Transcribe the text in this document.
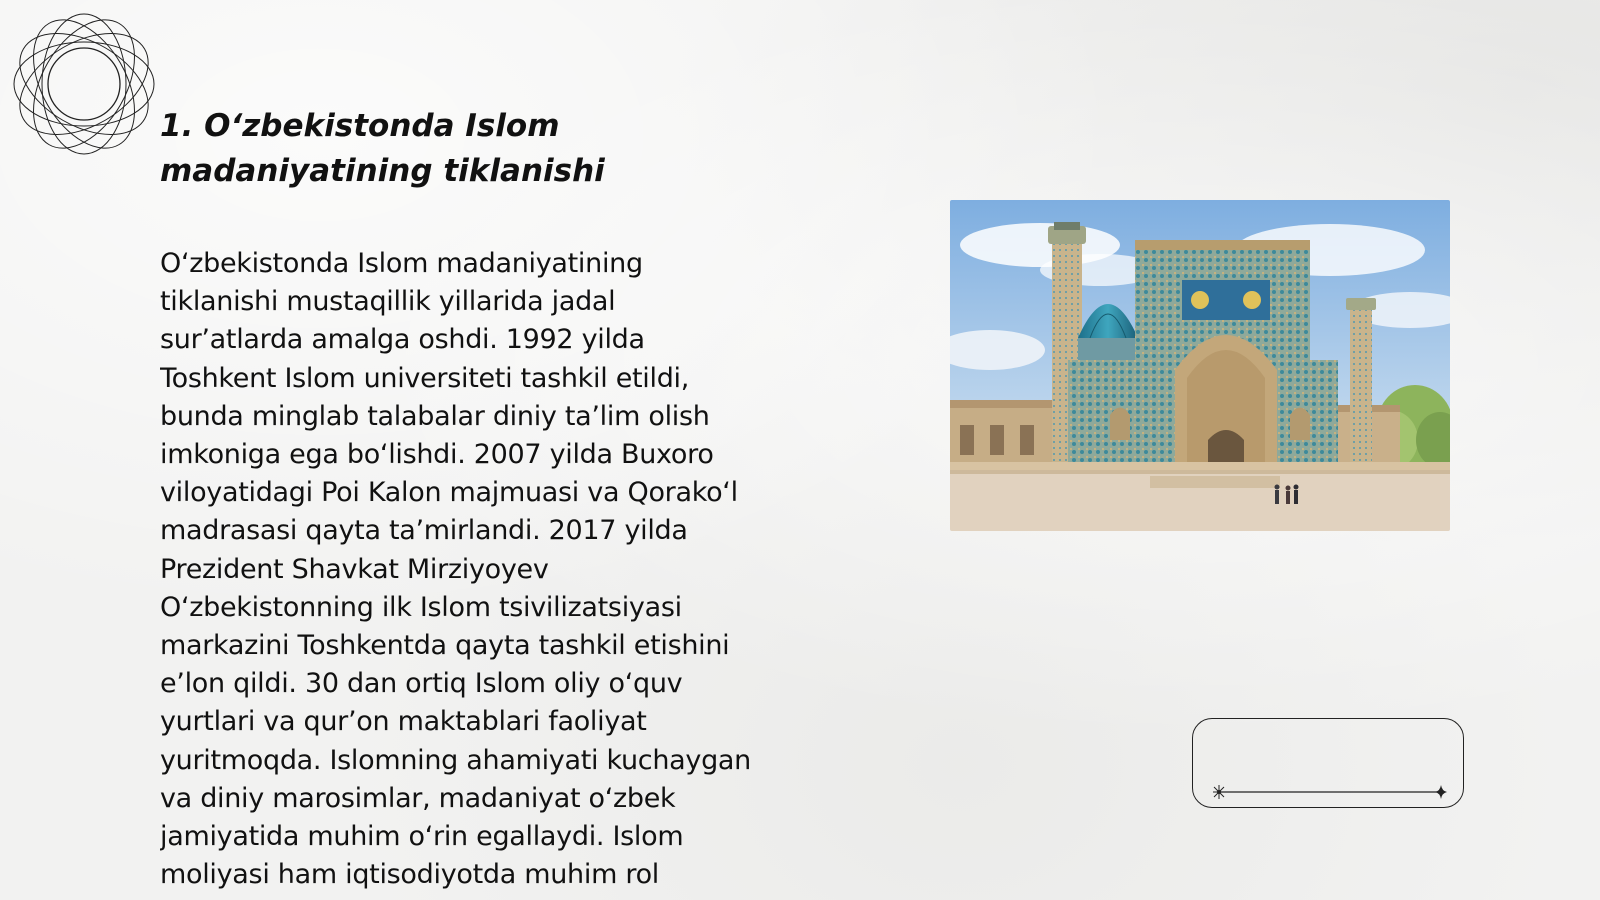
1. O‘zbekistonda Islom
madaniyatining tiklanishi

O‘zbekistonda Islom madaniyatining
tiklanishi mustaqillik yillarida jadal
sur’atlarda amalga oshdi. 1992 yilda
Toshkent Islom universiteti tashkil etildi,
bunda minglab talabalar diniy ta’lim olish
imkoniga ega bo‘lishdi. 2007 yilda Buxoro
viloyatidagi Poi Kalon majmuasi va Qorako‘l
madrasasi qayta ta’mirlandi. 2017 yilda
Prezident Shavkat Mirziyoyev
O‘zbekistonning ilk Islom tsivilizatsiyasi
markazini Toshkentda qayta tashkil etishini
e’lon qildi. 30 dan ortiq Islom oliy o‘quv
yurtlari va qur’on maktablari faoliyat
yuritmoqda. Islomning ahamiyati kuchaygan
va diniy marosimlar, madaniyat o‘zbek
jamiyatida muhim o‘rin egallaydi. Islom
moliyasi ham iqtisodiyotda muhim rol
